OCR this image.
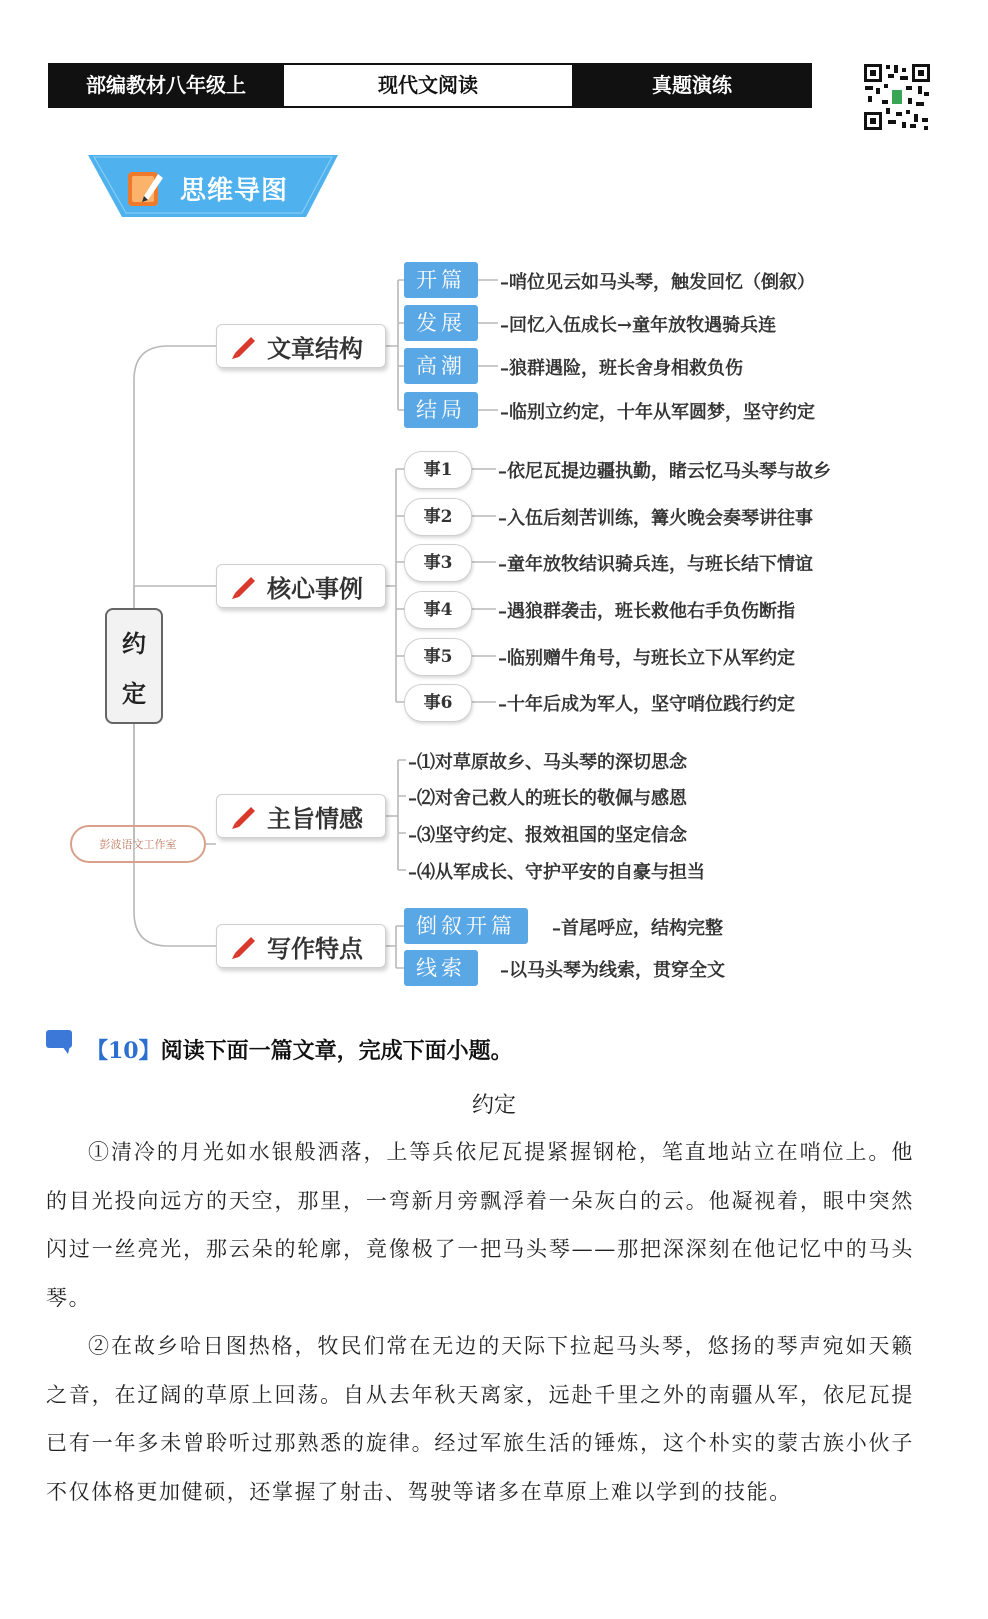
部编教材八年级上	现代文阅读	真题演练
思维导图
约
定
彭波语文工作室
文章结构
核心事例
主旨情感
写作特点
开篇	–哨位见云如马头琴，触发回忆（倒叙）
发展	–回忆入伍成长→童年放牧遇骑兵连
高潮	–狼群遇险，班长舍身相救负伤
结局	–临别立约定，十年从军圆梦，坚守约定
事1	–依尼瓦提边疆执勤，睹云忆马头琴与故乡
事2	–入伍后刻苦训练，篝火晚会奏琴讲往事
事3	–童年放牧结识骑兵连，与班长结下情谊
事4	–遇狼群袭击，班长救他右手负伤断指
事5	–临别赠牛角号，与班长立下从军约定
事6	–十年后成为军人，坚守哨位践行约定
–⑴对草原故乡、马头琴的深切思念
–⑵对舍己救人的班长的敬佩与感恩
–⑶坚守约定、报效祖国的坚定信念
–⑷从军成长、守护平安的自豪与担当
倒叙开篇	–首尾呼应，结构完整
线索	–以马头琴为线索，贯穿全文
【10】阅读下面一篇文章，完成下面小题。
约定

①清冷的月光如水银般洒落，上等兵依尼瓦提紧握钢枪，笔直地站立在哨位上。他的目光投向远方的天空，那里，一弯新月旁飘浮着一朵灰白的云。他凝视着，眼中突然闪过一丝亮光，那云朵的轮廓，竟像极了一把马头琴——那把深深刻在他记忆中的马头琴。

②在故乡哈日图热格，牧民们常在无边的天际下拉起马头琴，悠扬的琴声宛如天籁之音，在辽阔的草原上回荡。自从去年秋天离家，远赴千里之外的南疆从军，依尼瓦提已有一年多未曾聆听过那熟悉的旋律。经过军旅生活的锤炼，这个朴实的蒙古族小伙子不仅体格更加健硕，还掌握了射击、驾驶等诸多在草原上难以学到的技能。
